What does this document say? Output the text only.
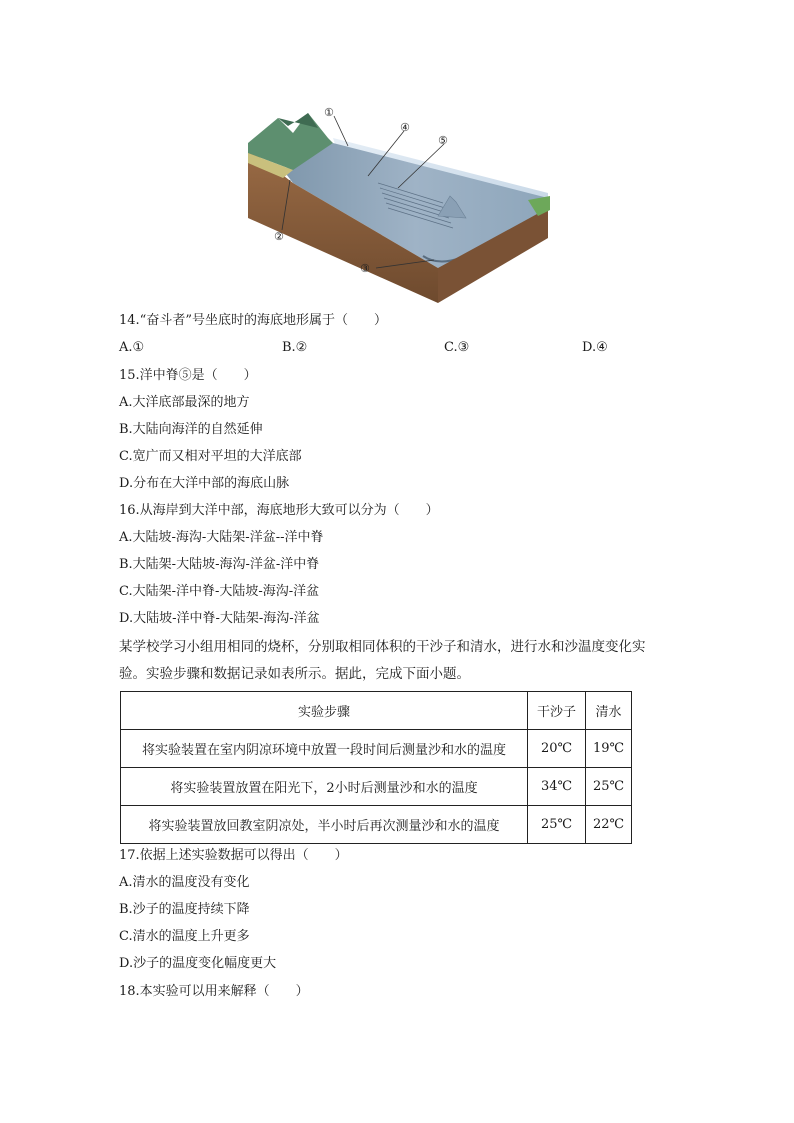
①
④
⑤
②
③
14.“奋斗者”号坐底时的海底地形属于（　　）
A.①	B.②	C.③	D.④
15.洋中脊⑤是（　　）
A.大洋底部最深的地方
B.大陆向海洋的自然延伸
C.宽广而又相对平坦的大洋底部
D.分布在大洋中部的海底山脉
16.从海岸到大洋中部，海底地形大致可以分为（　　）
A.大陆坡-海沟-大陆架-洋盆--洋中脊
B.大陆架-大陆坡-海沟-洋盆-洋中脊
C.大陆架-洋中脊-大陆坡-海沟-洋盆
D.大陆坡-洋中脊-大陆架-海沟-洋盆
某学校学习小组用相同的烧杯，分别取相同体积的干沙子和清水，进行水和沙温度变化实
验。实验步骤和数据记录如表所示。据此，完成下面小题。
实验步骤	干沙子	清水
将实验装置在室内阴凉环境中放置一段时间后测量沙和水的温度	20℃	19℃
将实验装置放置在阳光下，2小时后测量沙和水的温度	34℃	25℃
将实验装置放回教室阴凉处，半小时后再次测量沙和水的温度	25℃	22℃
17.依据上述实验数据可以得出（　　）
A.清水的温度没有变化
B.沙子的温度持续下降
C.清水的温度上升更多
D.沙子的温度变化幅度更大
18.本实验可以用来解释（　　）
